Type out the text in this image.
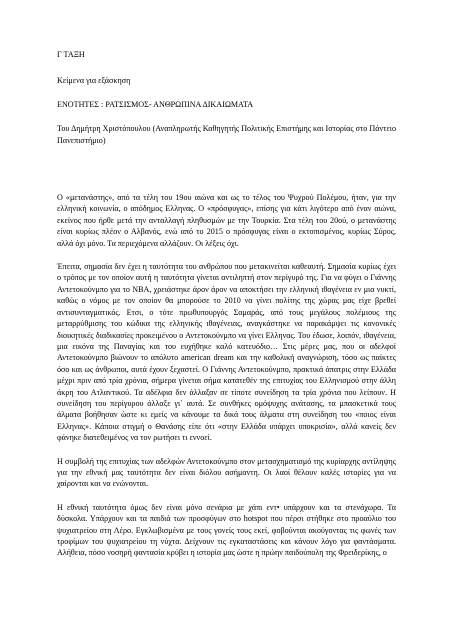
Γ ΤΑΞΗ
Κείμενα για εξάσκηση
ΕΝΟΤΗΤΕΣ : ΡΑΤΣΙΣΜΟΣ- ΑΝΘΡΩΠΙΝΑ ΔΙΚΑΙΩΜΑΤΑ

Του Δημήτρη Χριστόπουλου (Αναπληρωτής Καθηγητής Πολιτικής Επιστήμης και Ιστορίας στο Πάντειο Πανεπιστήμιο)

Ο «μετανάστης», από τα τέλη του 19ου αιώνα και ως το τέλος του Ψυχρού Πολέμου, ήταν, για την ελληνική κοινωνία, ο απόδημος Ελληνας. Ο «πρόσφυγας», επίσης για κάτι λιγότερο από έναν αιώνα, εκείνος που ήρθε μετά την ανταλλαγή πληθυσμών με την Τουρκία. Στα τέλη του 20ού, ο μετανάστης είναι κυρίως πλέον ο Αλβανός, ενώ από το 2015 ο πρόσφυγας είναι ο εκτοπισμένος, κυρίως Σύρος, αλλά όχι μόνο. Τα περιεχόμενα αλλάζουν. Οι λέξεις όχι.

Έπειτα, σημασία δεν έχει η ταυτότητα του ανθρώπου που μετακινείται καθεαυτή. Σημασία κυρίως έχει ο τρόπος με τον οποίον αυτή η ταυτότητα γίνεται αντιληπτή στον περίγυρό της. Για να φύγει ο Γιάννης Αντετοκούνμπο για το ΝΒΑ, χρειάστηκε άρον άρον να αποκτήσει την ελληνική ιθαγένεια εν μια νυκτί, καθώς ο νόμος με τον οποίον θα μπορούσε το 2010 να γίνει πολίτης της χώρας μας είχε βρεθεί αντισυνταγματικός. Ετσι, ο τότε πρωθυπουργός Σαμαράς, από τους μεγάλους πολέμιους της μεταρρύθμισης του κώδικα της ελληνικής ιθαγένειας, αναγκάστηκε να παρακάμψει τις κανονικές διοικητικές διαδικασίες προκειμένου ο Αντετοκούνμπο να γίνει Ελληνας. Του έδωσε, λοιπόν, ιθαγένεια, μια εικόνα της Παναγίας και του ευχήθηκε καλό κατευόδιο… Στις μέρες μας, που οι αδελφοί Αντετοκούνμπο βιώνουν το απόλυτο american dream και την καθολική αναγνώριση, τόσο ως παίκτες όσο και ως άνθρωποι, αυτά έχουν ξεχαστεί. Ο Γιάννης Αντετοκούνμπο, πρακτικά άπατρις στην Ελλάδα μέχρι πριν από τρία χρόνια, σήμερα γίνεται σήμα κατατεθέν της επιτυχίας του Ελληνισμού στην άλλη άκρη του Ατλαντικού. Τα αδέλφια δεν άλλαξαν σε τίποτε συνείδηση τα τρία χρόνια που λείπουν. Η συνείδηση του περίγυρου άλλαξε γι᾽ αυτά. Σε συνθήκες ομόψυχης ανάτασης, τα μπασκετικά τους άλματα βοήθησαν ώστε κι εμείς να κάνουμε τα δικά τους άλματα στη συνείδηση του «ποιος είναι Ελληνας». Κάποια στιγμή ο Θανάσης είπε ότι «στην Ελλάδα υπάρχει υποκρισία», αλλά κανείς δεν φάνηκε διατεθειμένος να τον ρωτήσει τι εννοεί.

Η συμβολή της επιτυχίας των αδελφών Αντετοκούνμπο στον μετασχηματισμό της κυρίαρχης αντίληψης για την εθνική μας ταυτότητα δεν είναι διόλου ασήμαντη. Οι λαοί θέλουν καλές ιστορίες για να χαίρονται και να ενώνονται.

Η εθνική ταυτότητα όμως δεν είναι μόνο σενάρια με χάπι εντ• υπάρχουν και τα στενάχωρα. Τα δύσκολα. Υπάρχουν και τα παιδιά των προσφύγων στο hotspot που πέρσι στήθηκε στο προαύλιο του ψυχιατρείου στη Λέρο. Εγκλωβισμένα με τους γονείς τους εκεί, φοβούνται ακούγοντας τις φωνές των τροφίμων του ψυχιατρείου τη νύχτα. Δείχνουν τις εγκαταστάσεις και κάνουν λόγο για φαντάσματα. Αλήθεια, πόσο νοσηρή φαντασία κρύβει η ιστορία μας ώστε η πρώην παιδούπολη της Φρειδερίκης, ο
